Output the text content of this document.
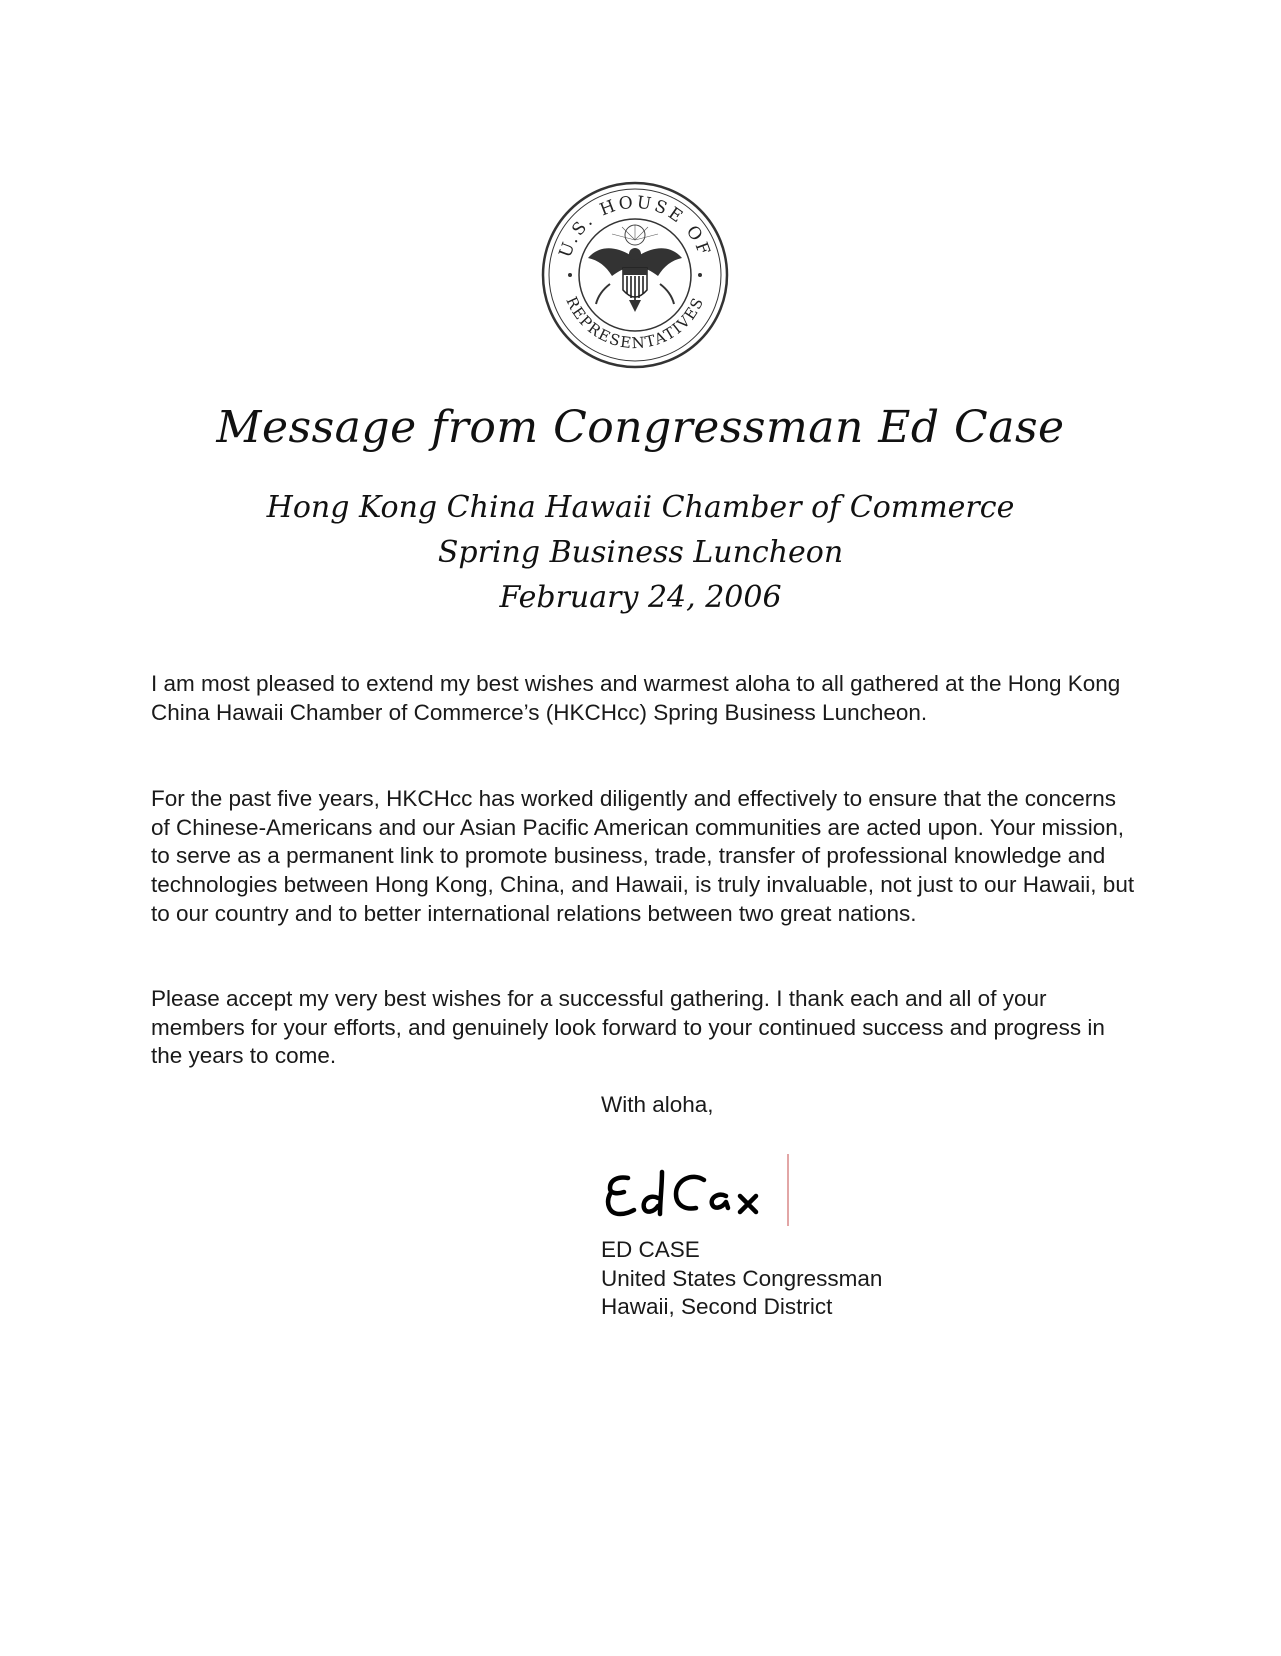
U.S. HOUSE OF
REPRESENTATIVES
Message from Congressman Ed Case
Hong Kong China Hawaii Chamber of Commerce
Spring Business Luncheon
February 24, 2006

I am most pleased to extend my best wishes and warmest aloha to all gathered at the Hong Kong China Hawaii Chamber of Commerce’s (HKCHcc) Spring Business Luncheon.

For the past five years, HKCHcc has worked diligently and effectively to ensure that the concerns of Chinese-Americans and our Asian Pacific American communities are acted upon. Your mission, to serve as a permanent link to promote business, trade, transfer of professional knowledge and technologies between Hong Kong, China, and Hawaii, is truly invaluable, not just to our Hawaii, but to our country and to better international relations between two great nations.

Please accept my very best wishes for a successful gathering. I thank each and all of your members for your efforts, and genuinely look forward to your continued success and progress in the years to come.

With aloha,
ED CASE
United States Congressman
Hawaii, Second District
